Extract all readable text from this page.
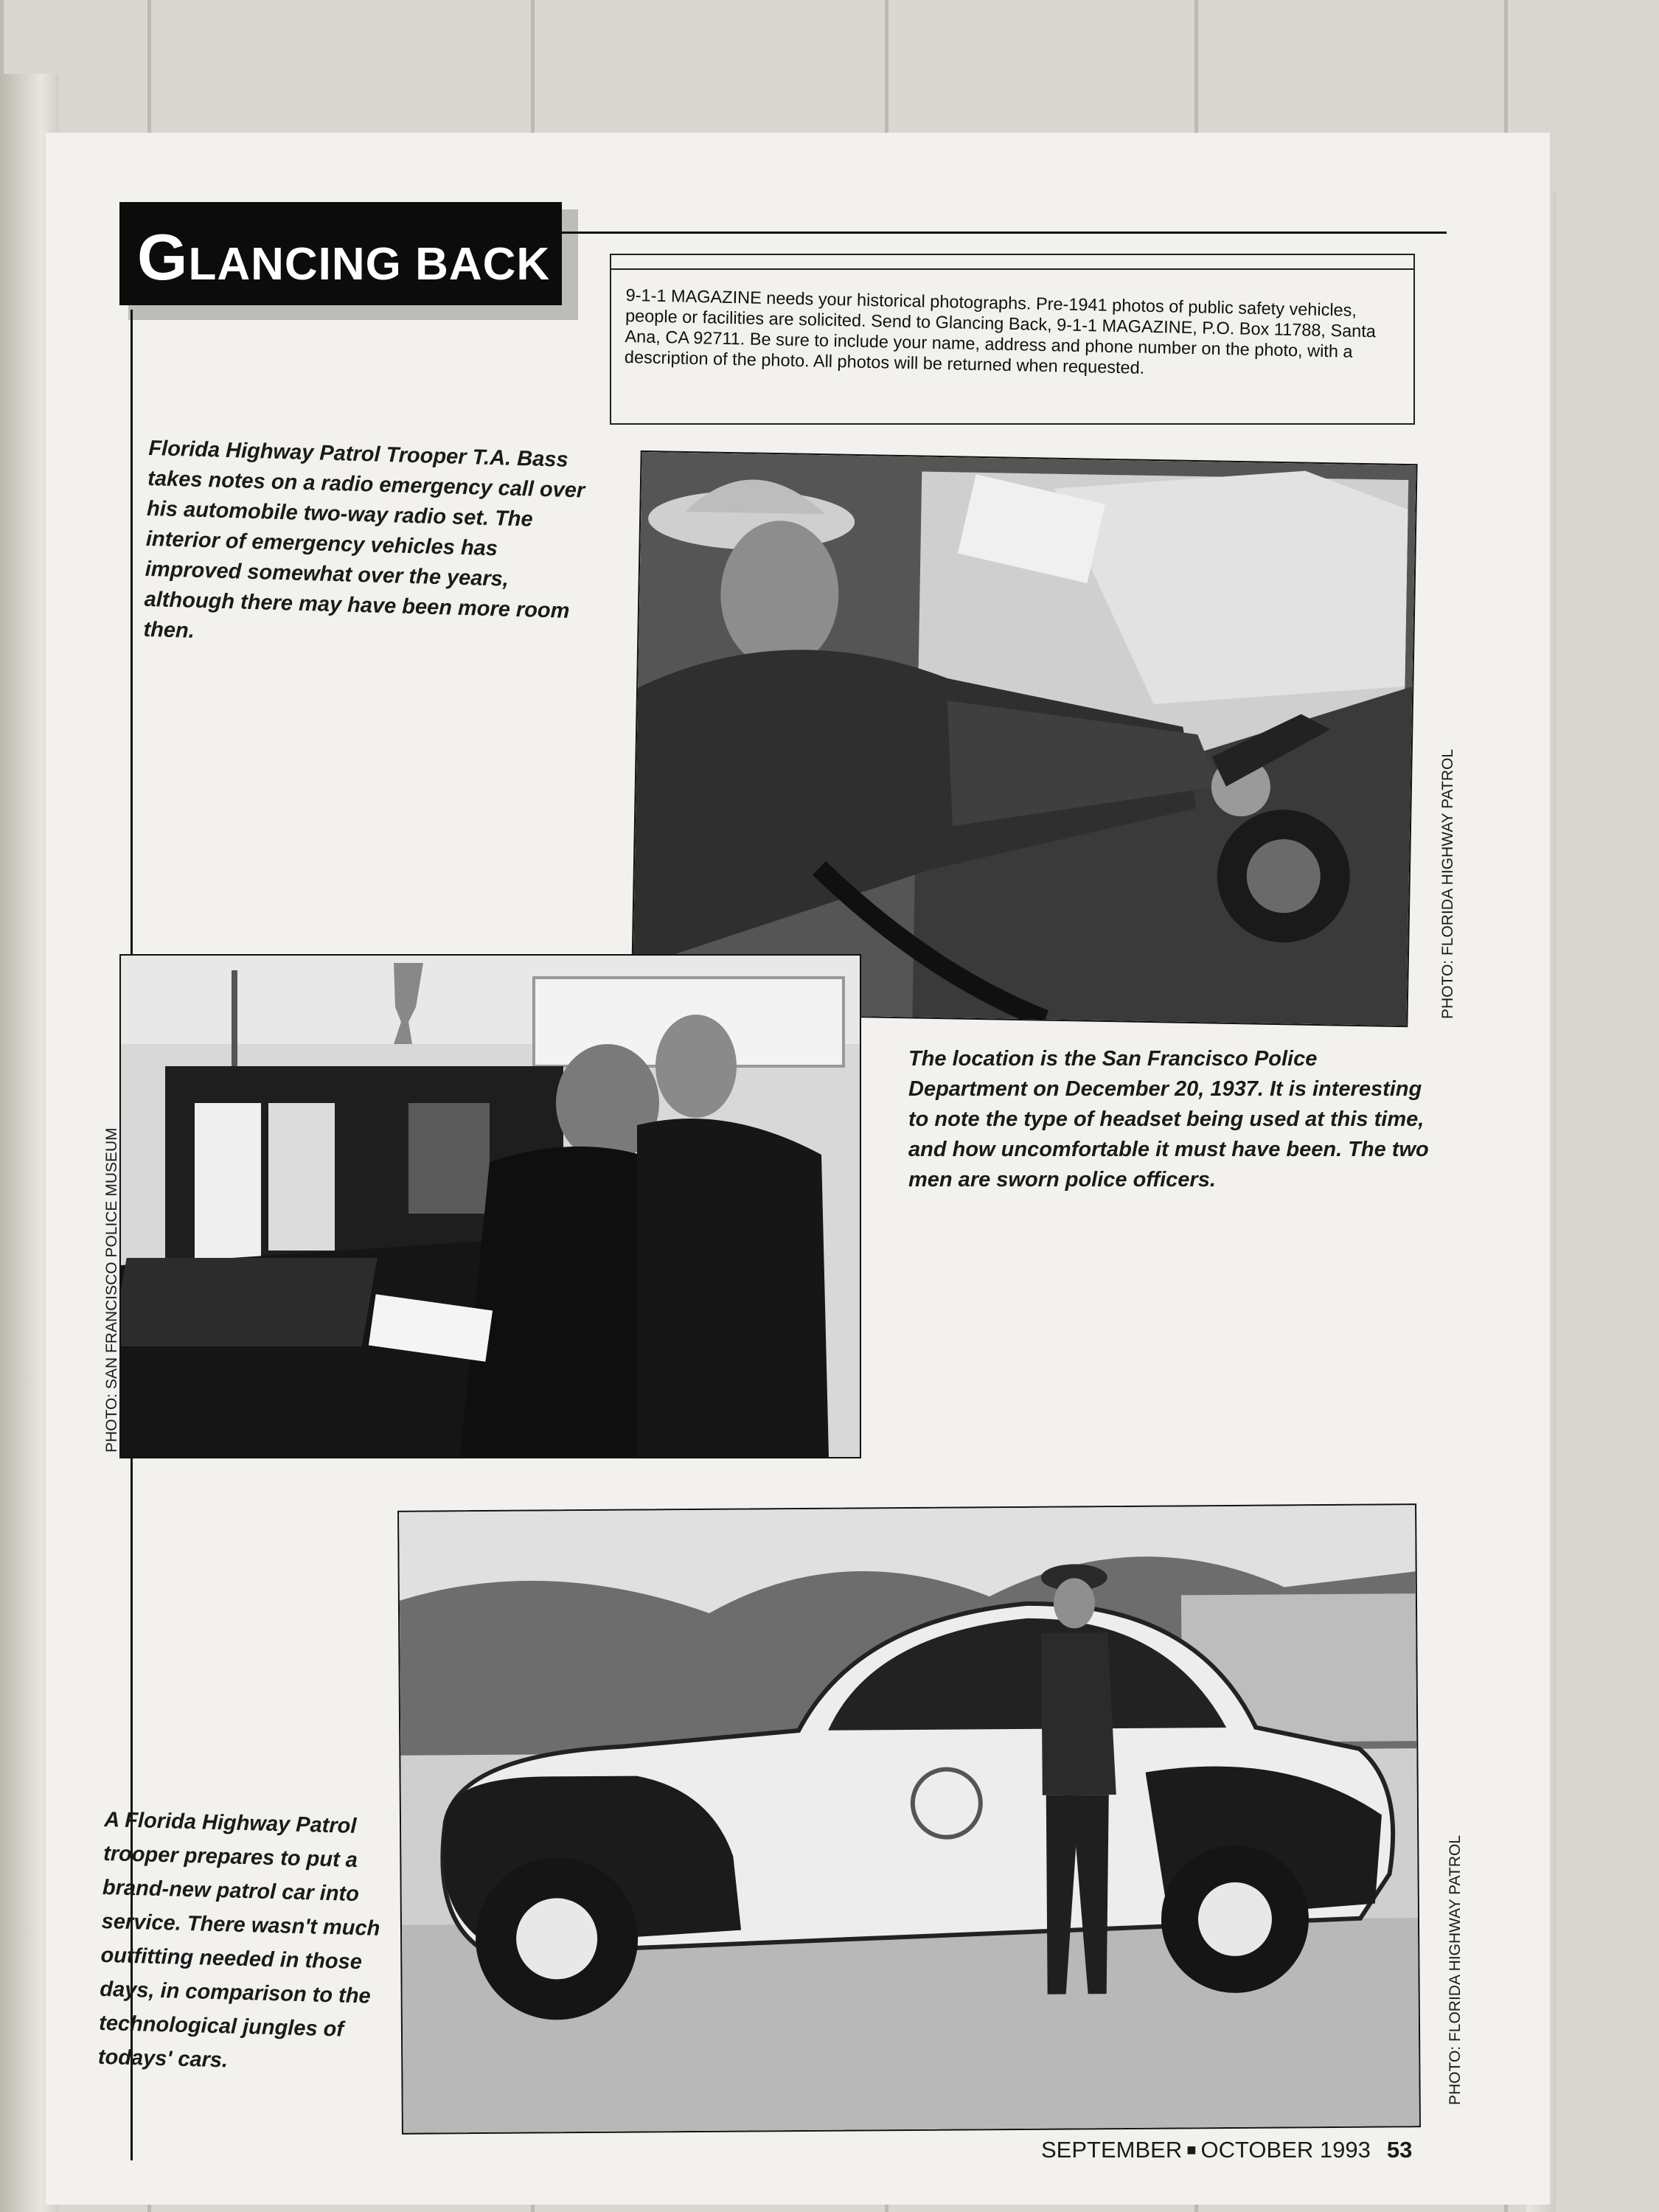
GLANCING BACK
9-1-1 MAGAZINE needs your historical photographs. Pre-1941 photos of public safety vehicles, people or facilities are solicited. Send to Glancing Back, 9-1-1 MAGAZINE, P.O. Box 11788, Santa Ana, CA 92711. Be sure to include your name, address and phone number on the photo, with a description of the photo. All photos will be returned when requested.
Florida Highway Patrol Trooper T.A. Bass takes notes on a radio emergency call over his automobile two-way radio set. The interior of emergency vehicles has improved somewhat over the years, although there may have been more room then.
PHOTO: FLORIDA HIGHWAY PATROL
PHOTO: SAN FRANCISCO POLICE MUSEUM
The location is the San Francisco Police Department on December 20, 1937. It is interesting to note the type of headset being used at this time, and how uncomfortable it must have been. The two men are sworn police officers.
PHOTO: FLORIDA HIGHWAY PATROL
A Florida Highway Patrol trooper prepares to put a brand-new patrol car into service. There wasn't much outfitting needed in those days, in comparison to the technological jungles of todays' cars.
SEPTEMBER ■ OCTOBER 1993 53
